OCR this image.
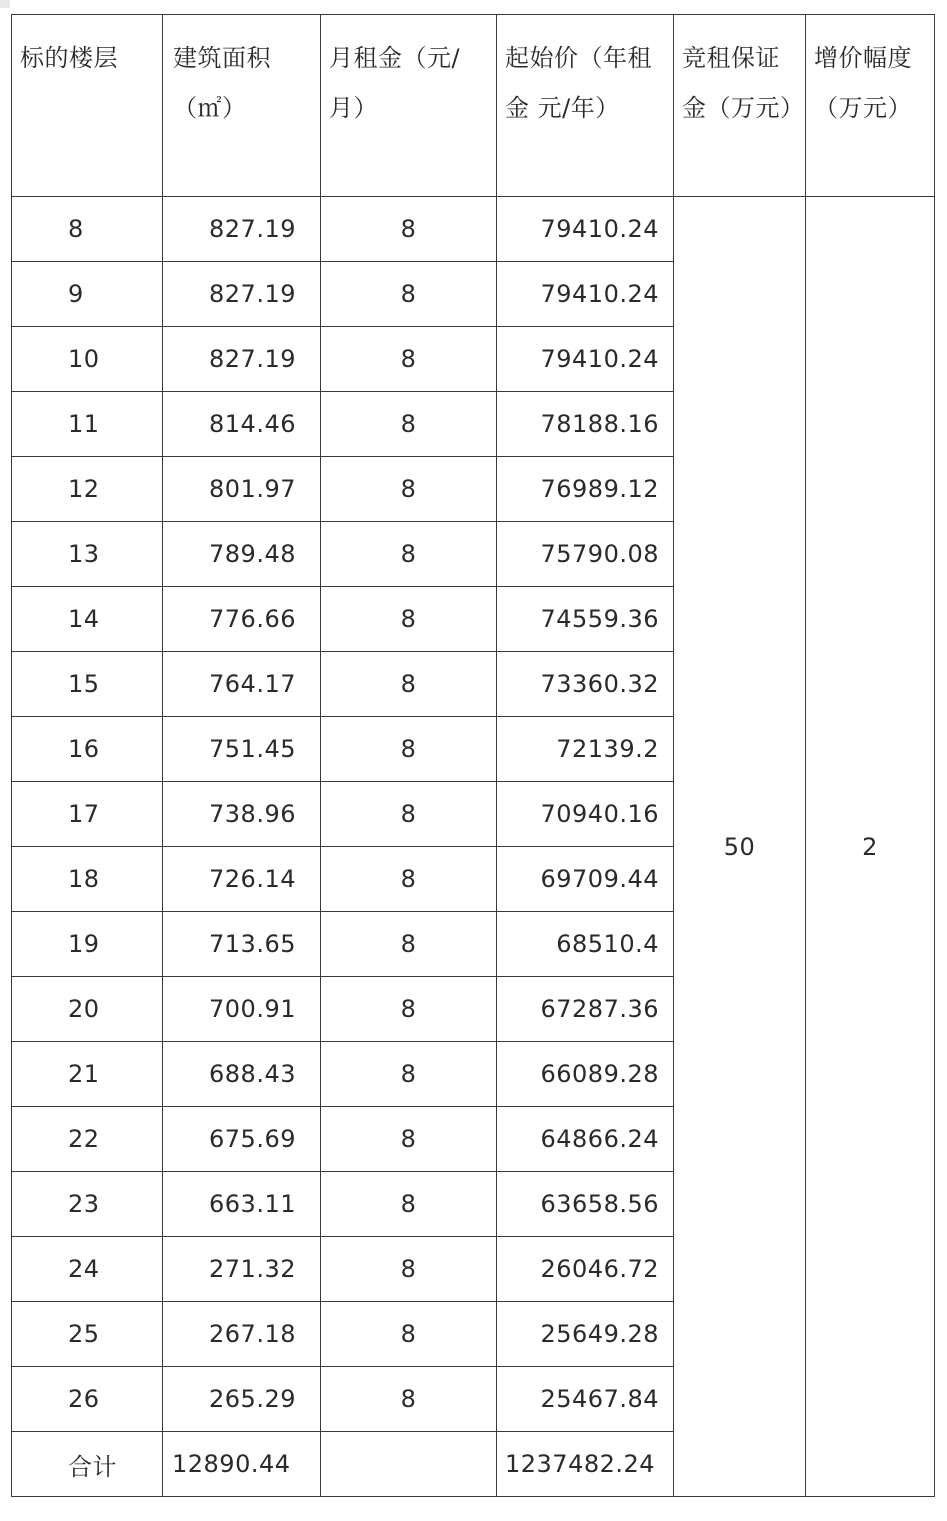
标的楼层	建筑面积（㎡）	月租金（元/月）	起始价（年租金 元/年）	竞租保证金（万元）	增价幅度（万元）
8	827.19	8	79410.24	50	2
9	827.19	8	79410.24		
10	827.19	8	79410.24		
11	814.46	8	78188.16		
12	801.97	8	76989.12		
13	789.48	8	75790.08		
14	776.66	8	74559.36		
15	764.17	8	73360.32		
16	751.45	8	72139.2		
17	738.96	8	70940.16		
18	726.14	8	69709.44		
19	713.65	8	68510.4		
20	700.91	8	67287.36		
21	688.43	8	66089.28		
22	675.69	8	64866.24		
23	663.11	8	63658.56		
24	271.32	8	26046.72		
25	267.18	8	25649.28		
26	265.29	8	25467.84		
合计	12890.44		1237482.24		
